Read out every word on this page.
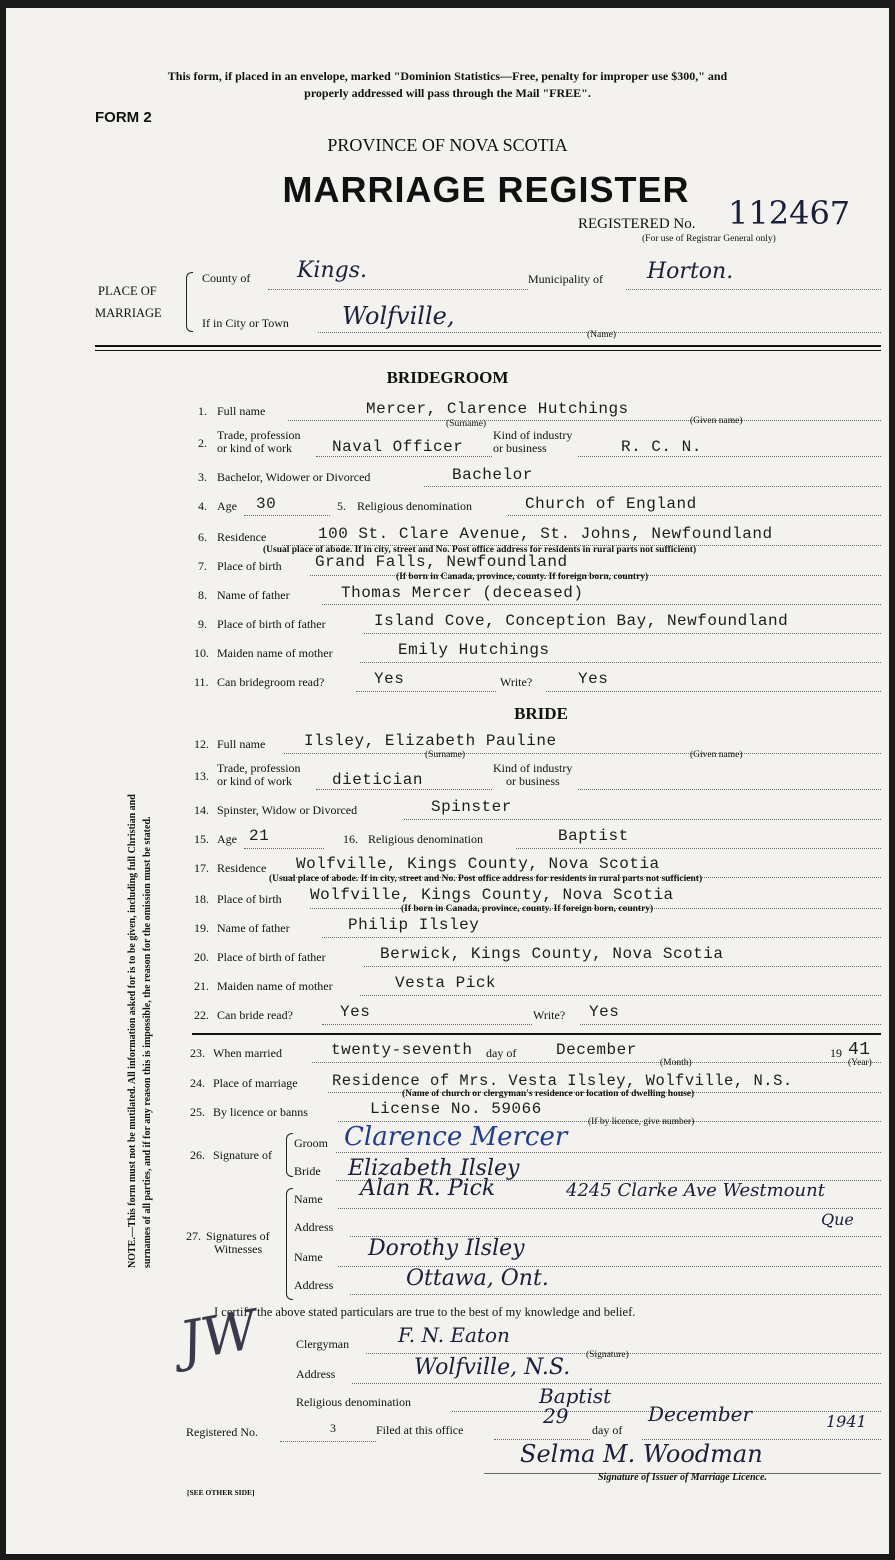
This form, if placed in an envelope, marked "Dominion Statistics—Free, penalty for improper use $300," and
properly addressed will pass through the Mail "FREE".
FORM 2
PROVINCE OF NOVA SCOTIA
MARRIAGE REGISTER
REGISTERED No. 112467
(For use of Registrar General only)
PLACE OF
MARRIAGE
County of Kings.	Municipality of Horton.
If in City or Town Wolfville,
(Name)
NOTE.—This form must not be mutilated. All information asked for is to be given, including full Christian and surnames of all parties, and if for any reason this is impossible, the reason for the omission must be stated.
BRIDEGROOM
1. Full name	Mercer, Clarence Hutchings
(Surname)	(Given name)
2.
Trade, profession
or kind of work	Naval Officer
Kind of industry
or business	R. C. N.
3. Bachelor, Widower or Divorced	Bachelor
4. Age 30	5. Religious denomination	Church of England
6. Residence	100 St. Clare Avenue, St. Johns, Newfoundland
(Usual place of abode. If in city, street and No. Post office address for residents in rural parts not sufficient)
7. Place of birth Grand Falls, Newfoundland
(If born in Canada, province, county. If foreign born, country)
8. Name of father	Thomas Mercer (deceased)
9. Place of birth of father	Island Cove, Conception Bay, Newfoundland
10. Maiden name of mother	Emily Hutchings
11. Can bridegroom read?	Yes	Write?	Yes
BRIDE
12. Full name Ilsley, Elizabeth Pauline
(Surname)	(Given name)
13.
Trade, profession
or kind of work	dietician
Kind of industry
or business
14. Spinster, Widow or Divorced	Spinster
15. Age 21	16. Religious denomination	Baptist
17. Residence Wolfville, Kings County, Nova Scotia
(Usual place of abode. If in city, street and No. Post office address for residents in rural parts not sufficient)
18. Place of birth Wolfville, Kings County, Nova Scotia
(If born in Canada, province, county. If foreign born, country)
19. Name of father	Philip Ilsley
20. Place of birth of father	Berwick, Kings County, Nova Scotia
21. Maiden name of mother	Vesta Pick
22. Can bride read?	Yes	Write? Yes
23. When married	twenty-seventh day of December
(Month)
19 41
(Year)
24. Place of marriage Residence of Mrs. Vesta Ilsley, Wolfville, N.S.
(Name of church or clergyman's residence or location of dwelling house)
25. By licence or banns	License No. 59066
(If by licence, give number)
26. Signature of
Groom Clarence Mercer
Bride Elizabeth Ilsley
27. Signatures of
Witnesses
Name Alan R. Pick	4245 Clarke Ave Westmount
Address	Que
Name Dorothy Ilsley
Address	Ottawa, Ont.
I certify the above stated particulars are true to the best of my knowledge and belief.
JW	Clergyman F. N. Eaton
(Signature)
Address	Wolfville, N.S.
Religious denomination	Baptist
Registered No.	3	Filed at this office
29
day of
December	1941
Selma M. Woodman
Signature of Issuer of Marriage Licence.
[SEE OTHER SIDE]
